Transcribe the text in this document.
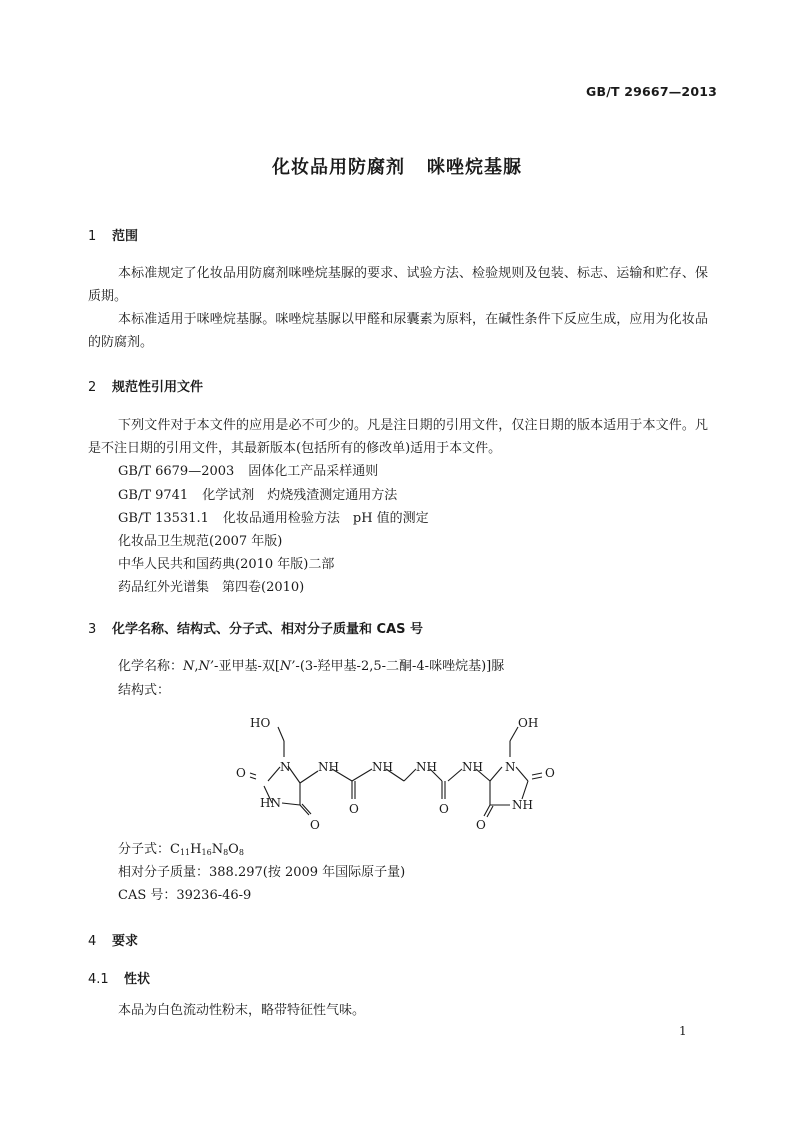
GB/T 29667—2013
化妆品用防腐剂 咪唑烷基脲
1 范围
本标准规定了化妆品用防腐剂咪唑烷基脲的要求、试验方法、检验规则及包装、标志、运输和贮存、保质期。
本标准适用于咪唑烷基脲。咪唑烷基脲以甲醛和尿囊素为原料，在碱性条件下反应生成，应用为化妆品的防腐剂。
2 规范性引用文件
下列文件对于本文件的应用是必不可少的。凡是注日期的引用文件，仅注日期的版本适用于本文件。凡是不注日期的引用文件，其最新版本(包括所有的修改单)适用于本文件。
GB/T 6679—2003 固体化工产品采样通则
GB/T 9741 化学试剂　灼烧残渣测定通用方法
GB/T 13531.1 化妆品通用检验方法　pH 值的测定
化妆品卫生规范(2007 年版)
中华人民共和国药典(2010 年版)二部
药品红外光谱集　第四卷(2010)
3 化学名称、结构式、分子式、相对分子质量和 CAS 号
化学名称：N,N’-亚甲基-双[N’-(3-羟甲基-2,5-二酮-4-咪唑烷基)]脲
结构式：
HO
N
O
HN
O
NH
O
NH NH
O
NH N
OH
O
NH
O
分子式：$C_{11}H_{16}N_8O_8$
相对分子质量：388.297(按 2009 年国际原子量)
CAS 号：39236-46-9
4 要求
4.1 性状
本品为白色流动性粉末，略带特征性气味。
1
